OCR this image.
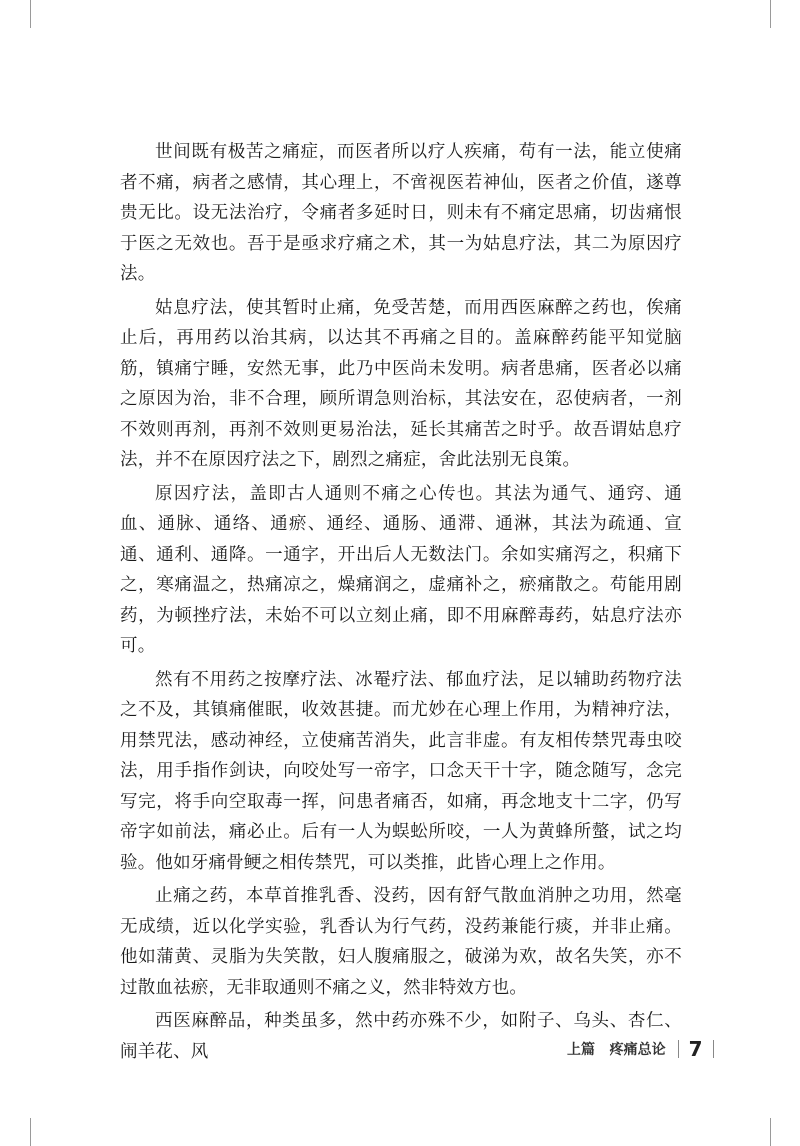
世间既有极苦之痛症，而医者所以疗人疾痛，苟有一法，能立使痛者不痛，病者之感情，其心理上，不啻视医若神仙，医者之价值，遂尊贵无比。设无法治疗，令痛者多延时日，则未有不痛定思痛，切齿痛恨于医之无效也。吾于是亟求疗痛之术，其一为姑息疗法，其二为原因疗法。

姑息疗法，使其暂时止痛，免受苦楚，而用西医麻醉之药也，俟痛止后，再用药以治其病，以达其不再痛之目的。盖麻醉药能平知觉脑筋，镇痛宁睡，安然无事，此乃中医尚未发明。病者患痛，医者必以痛之原因为治，非不合理，顾所谓急则治标，其法安在，忍使病者，一剂不效则再剂，再剂不效则更易治法，延长其痛苦之时乎。故吾谓姑息疗法，并不在原因疗法之下，剧烈之痛症，舍此法别无良策。

原因疗法，盖即古人通则不痛之心传也。其法为通气、通窍、通血、通脉、通络、通瘀、通经、通肠、通滞、通淋，其法为疏通、宣通、通利、通降。一通字，开出后人无数法门。余如实痛泻之，积痛下之，寒痛温之，热痛凉之，燥痛润之，虚痛补之，瘀痛散之。苟能用剧药，为顿挫疗法，未始不可以立刻止痛，即不用麻醉毒药，姑息疗法亦可。

然有不用药之按摩疗法、冰罨疗法、郁血疗法，足以辅助药物疗法之不及，其镇痛催眠，收效甚捷。而尤妙在心理上作用，为精神疗法，用禁咒法，感动神经，立使痛苦消失，此言非虚。有友相传禁咒毒虫咬法，用手指作剑诀，向咬处写一帝字，口念天干十字，随念随写，念完写完，将手向空取毒一挥，问患者痛否，如痛，再念地支十二字，仍写帝字如前法，痛必止。后有一人为蜈蚣所咬，一人为黄蜂所螫，试之均验。他如牙痛骨鲠之相传禁咒，可以类推，此皆心理上之作用。

止痛之药，本草首推乳香、没药，因有舒气散血消肿之功用，然毫无成绩，近以化学实验，乳香认为行气药，没药兼能行痰，并非止痛。他如蒲黄、灵脂为失笑散，妇人腹痛服之，破涕为欢，故名失笑，亦不过散血祛瘀，无非取通则不痛之义，然非特效方也。

西医麻醉品，种类虽多，然中药亦殊不少，如附子、乌头、杏仁、闹羊花、风	上篇   疼痛总论 7
